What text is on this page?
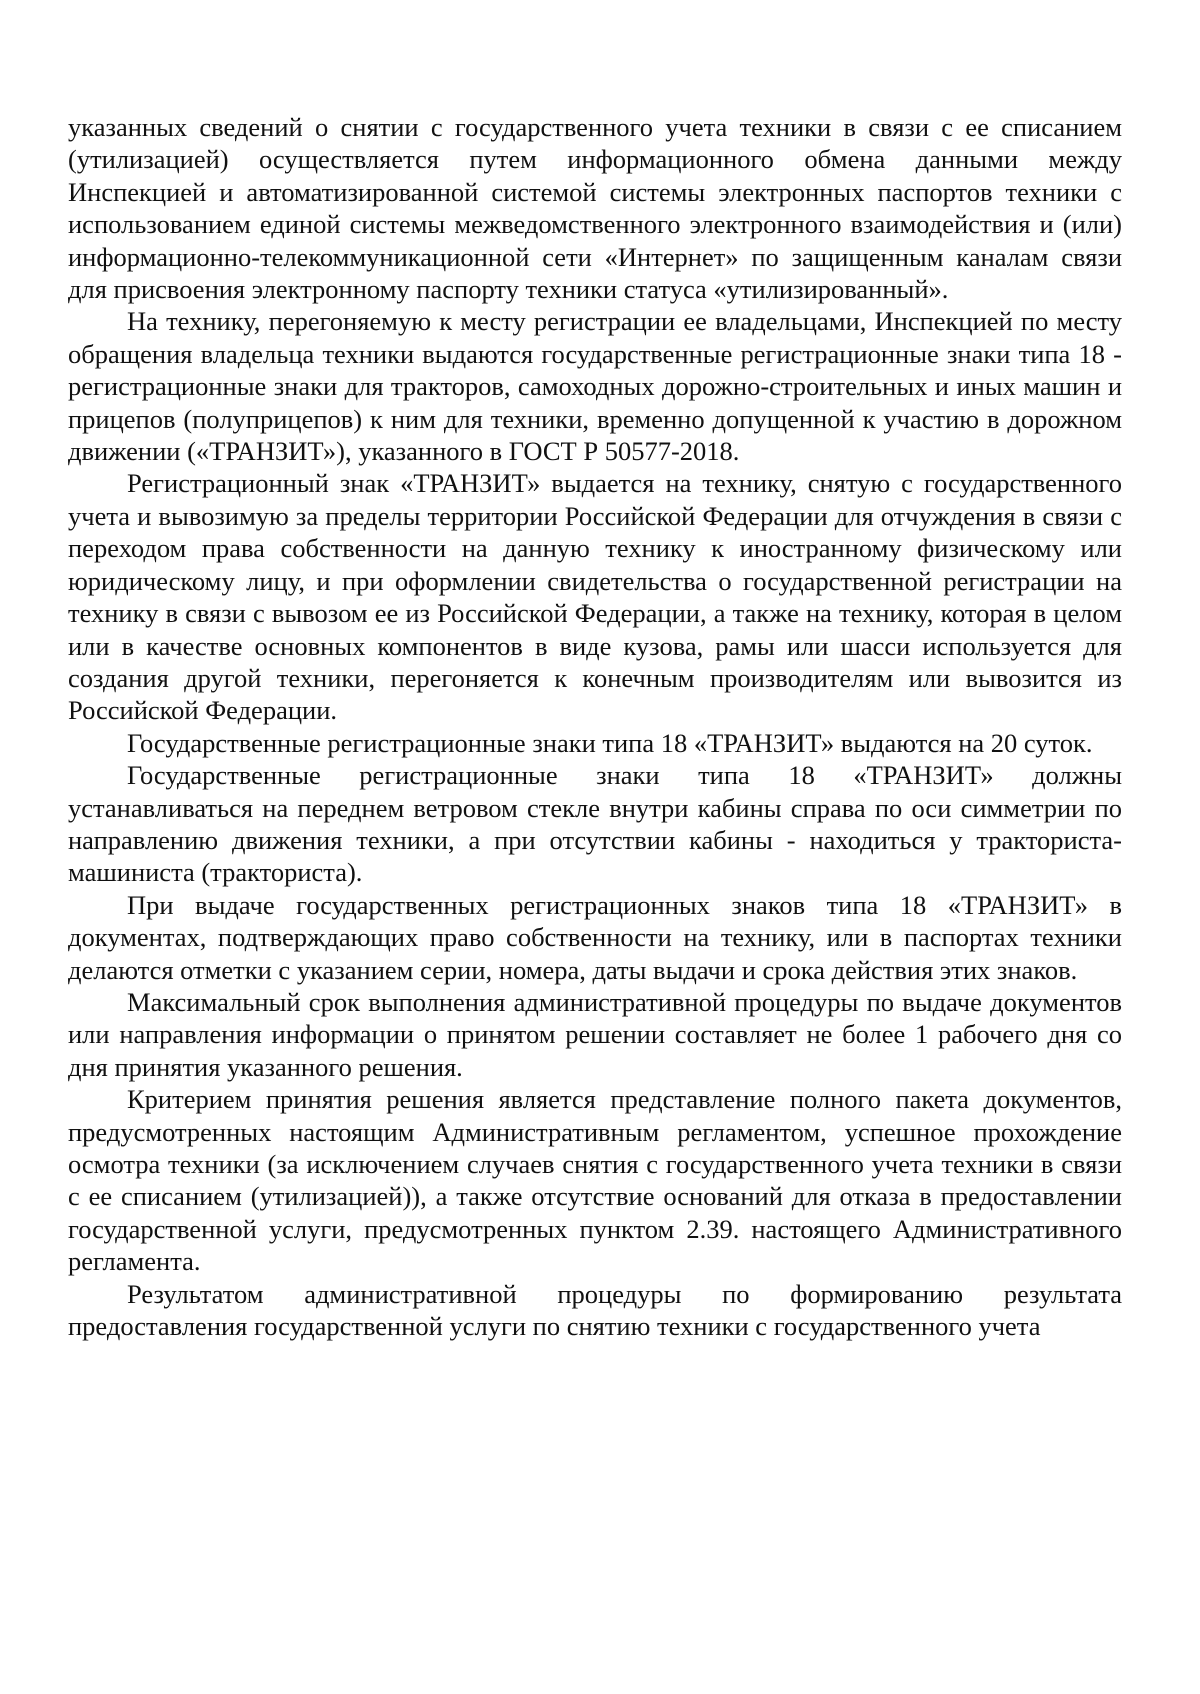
указанных сведений о снятии с государственного учета техники в связи с ее списанием (утилизацией) осуществляется путем информационного обмена данными между Инспекцией и автоматизированной системой системы электронных паспортов техники с использованием единой системы межведомственного электронного взаимодействия и (или) информационно-телекоммуникационной сети «Интернет» по защищенным каналам связи для присвоения электронному паспорту техники статуса «утилизированный».

На технику, перегоняемую к месту регистрации ее владельцами, Инспекцией по месту обращения владельца техники выдаются государственные регистрационные знаки типа 18 - регистрационные знаки для тракторов, самоходных дорожно-строительных и иных машин и прицепов (полуприцепов) к ним для техники, временно допущенной к участию в дорожном движении («ТРАНЗИТ»), указанного в ГОСТ Р 50577-2018.

Регистрационный знак «ТРАНЗИТ» выдается на технику, снятую с государственного учета и вывозимую за пределы территории Российской Федерации для отчуждения в связи с переходом права собственности на данную технику к иностранному физическому или юридическому лицу, и при оформлении свидетельства о государственной регистрации на технику в связи с вывозом ее из Российской Федерации, а также на технику, которая в целом или в качестве основных компонентов в виде кузова, рамы или шасси используется для создания другой техники, перегоняется к конечным производителям или вывозится из Российской Федерации.

Государственные регистрационные знаки типа 18 «ТРАНЗИТ» выдаются на 20 суток.

Государственные регистрационные знаки типа 18 «ТРАНЗИТ» должны устанавливаться на переднем ветровом стекле внутри кабины справа по оси симметрии по направлению движения техники, а при отсутствии кабины - находиться у тракториста-машиниста (тракториста).

При выдаче государственных регистрационных знаков типа 18 «ТРАНЗИТ» в документах, подтверждающих право собственности на технику, или в паспортах техники делаются отметки с указанием серии, номера, даты выдачи и срока действия этих знаков.

Максимальный срок выполнения административной процедуры по выдаче документов или направления информации о принятом решении составляет не более 1 рабочего дня со дня принятия указанного решения.

Критерием принятия решения является представление полного пакета документов, предусмотренных настоящим Административным регламентом, успешное прохождение осмотра техники (за исключением случаев снятия с государственного учета техники в связи с ее списанием (утилизацией)), а также отсутствие оснований для отказа в предоставлении государственной услуги, предусмотренных пунктом 2.39. настоящего Административного регламента.

Результатом административной процедуры по формированию результата предоставления государственной услуги по снятию техники с государственного учета
